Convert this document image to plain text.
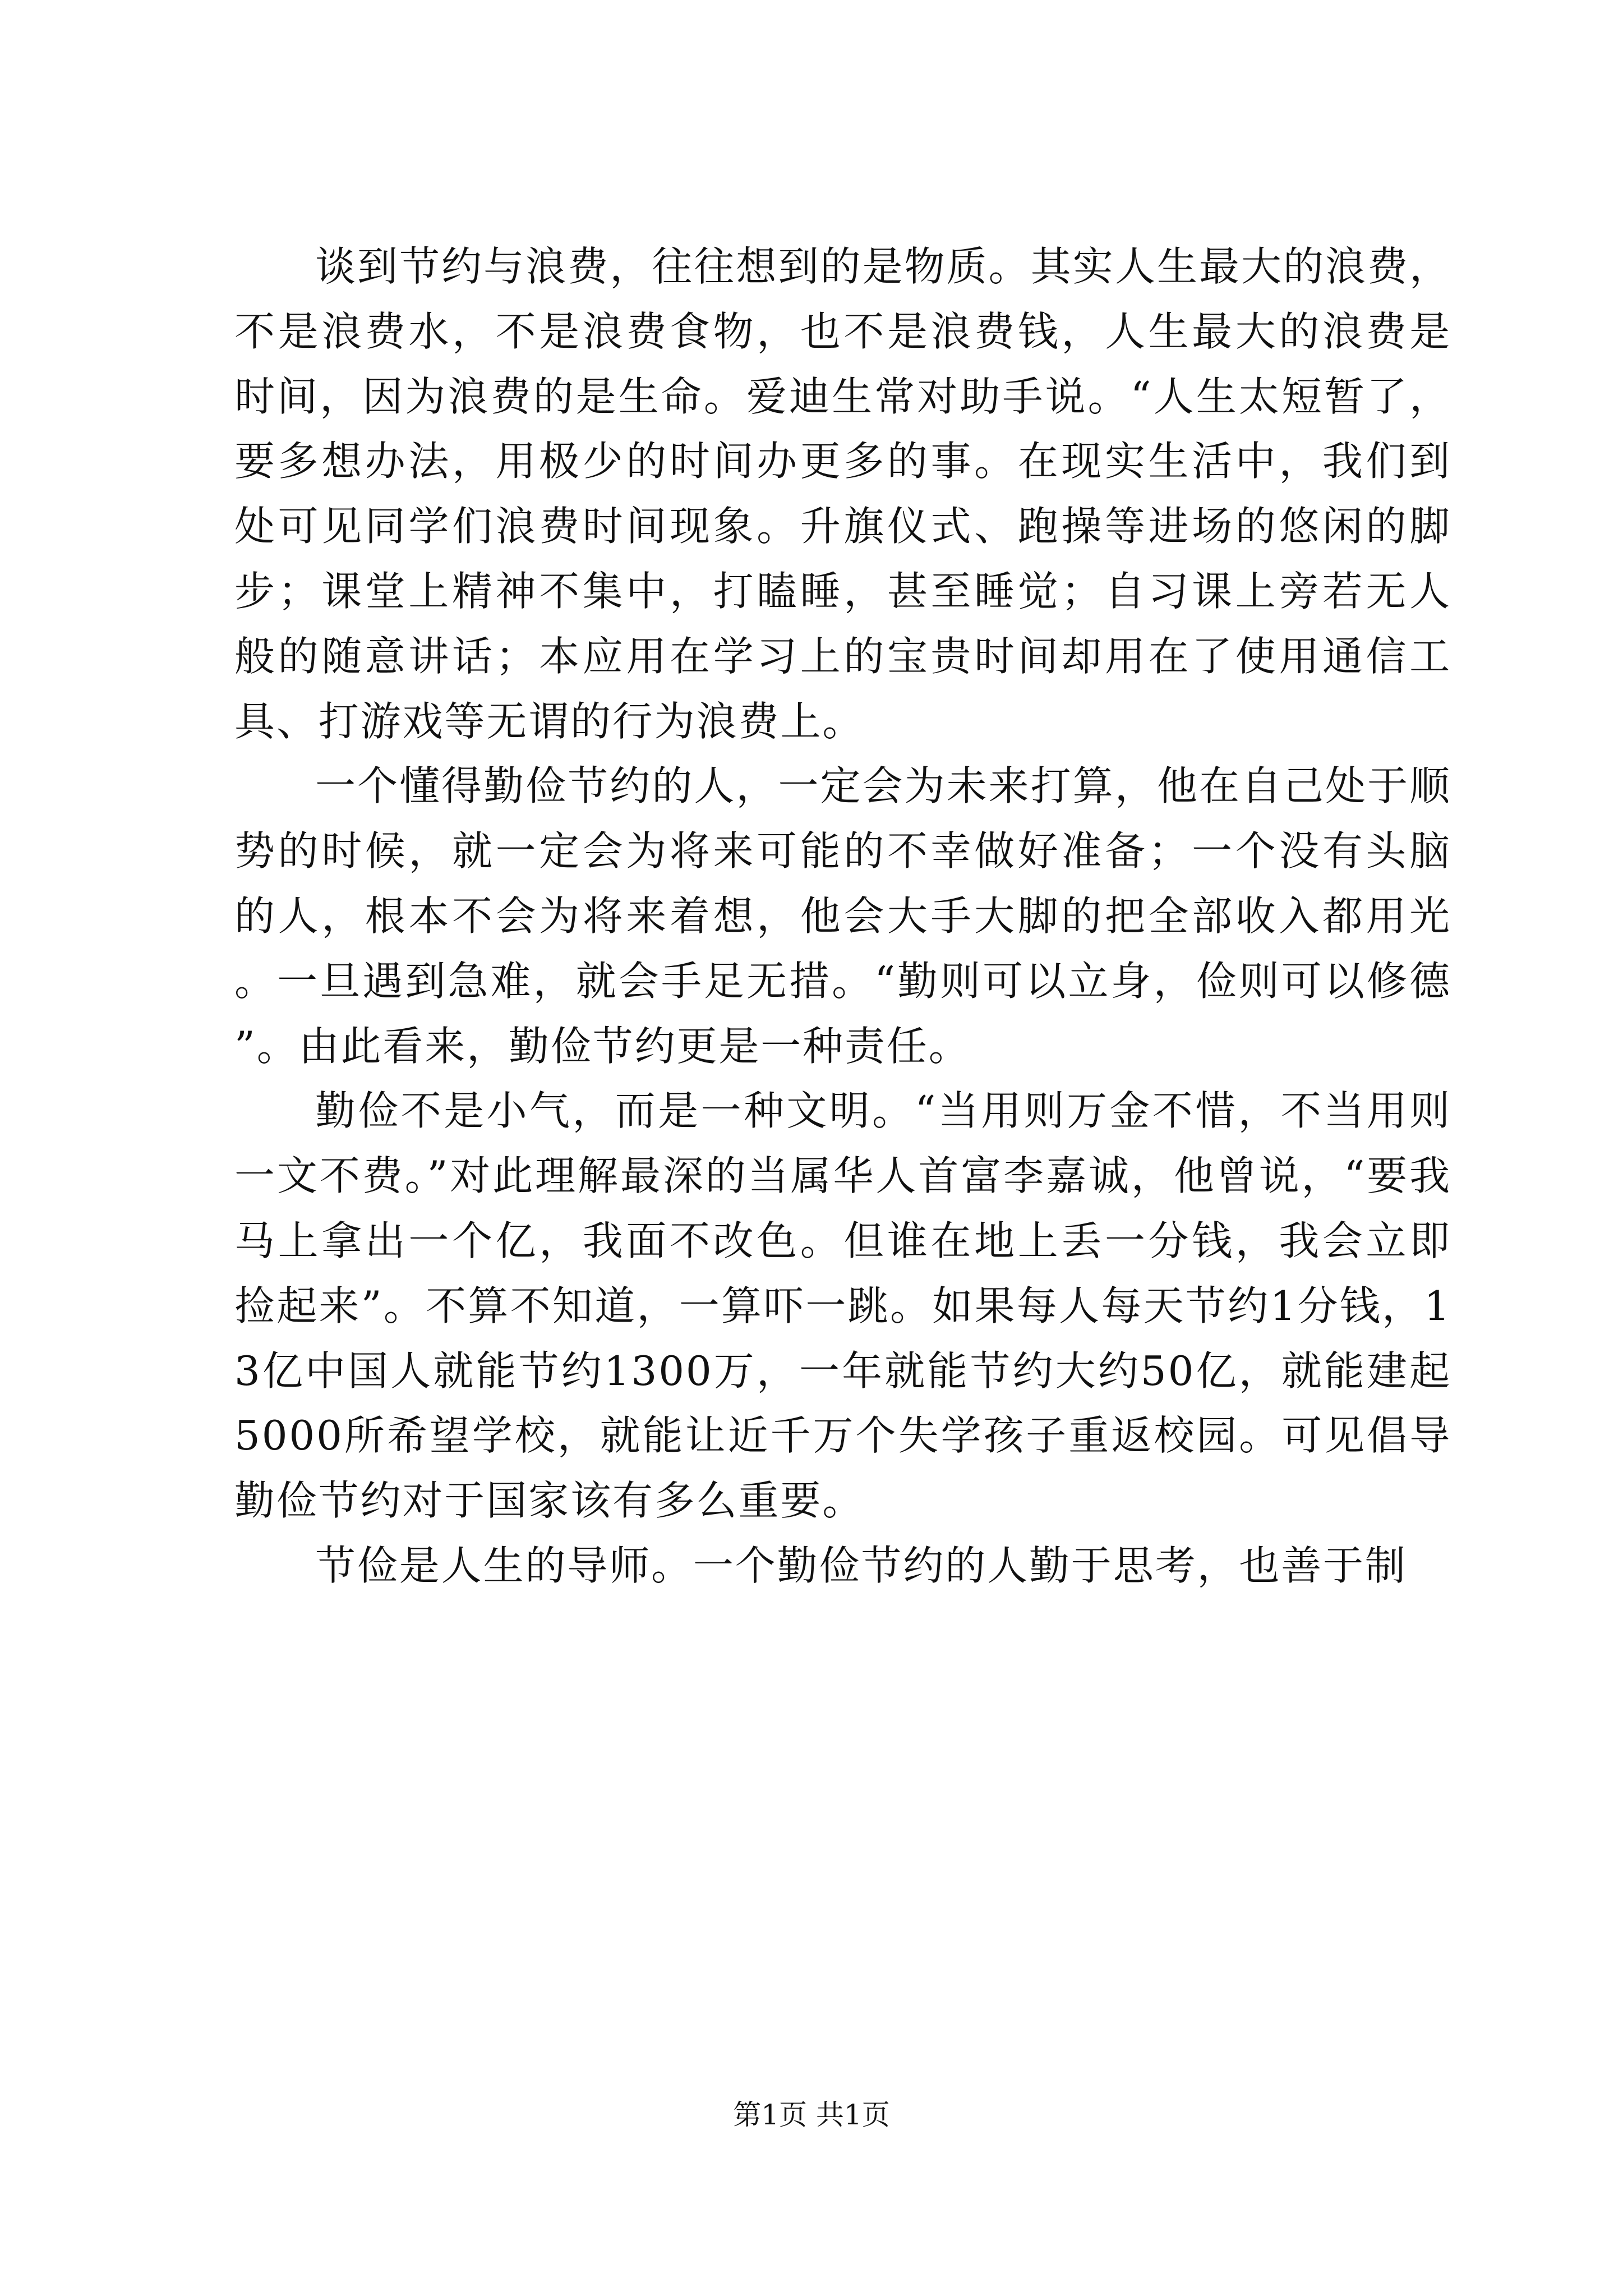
谈到节约与浪费，往往想到的是物质。其实人生最大的浪费，不是浪费水，不是浪费食物，也不是浪费钱，人生最大的浪费是时间，因为浪费的是生命。爱迪生常对助手说。“人生太短暂了，要多想办法，用极少的时间办更多的事。在现实生活中，我们到处可见同学们浪费时间现象。升旗仪式、跑操等进场的悠闲的脚步；课堂上精神不集中，打瞌睡，甚至睡觉；自习课上旁若无人般的随意讲话；本应用在学习上的宝贵时间却用在了使用通信工具、打游戏等无谓的行为浪费上。

一个懂得勤俭节约的人，一定会为未来打算，他在自己处于顺势的时候，就一定会为将来可能的不幸做好准备；一个没有头脑的人，根本不会为将来着想，他会大手大脚的把全部收入都用光。一旦遇到急难，就会手足无措。“勤则可以立身，俭则可以修德”。由此看来，勤俭节约更是一种责任。

勤俭不是小气，而是一种文明。“当用则万金不惜，不当用则一文不费。”对此理解最深的当属华人首富李嘉诚，他曾说，“要我马上拿出一个亿，我面不改色。但谁在地上丢一分钱，我会立即捡起来”。不算不知道，一算吓一跳。如果每人每天节约1分钱，13亿中国人就能节约1300万，一年就能节约大约50亿，就能建起5000所希望学校，就能让近千万个失学孩子重返校园。可见倡导勤俭节约对于国家该有多么重要。

节俭是人生的导师。一个勤俭节约的人勤于思考，也善于制

第1页 共1页
